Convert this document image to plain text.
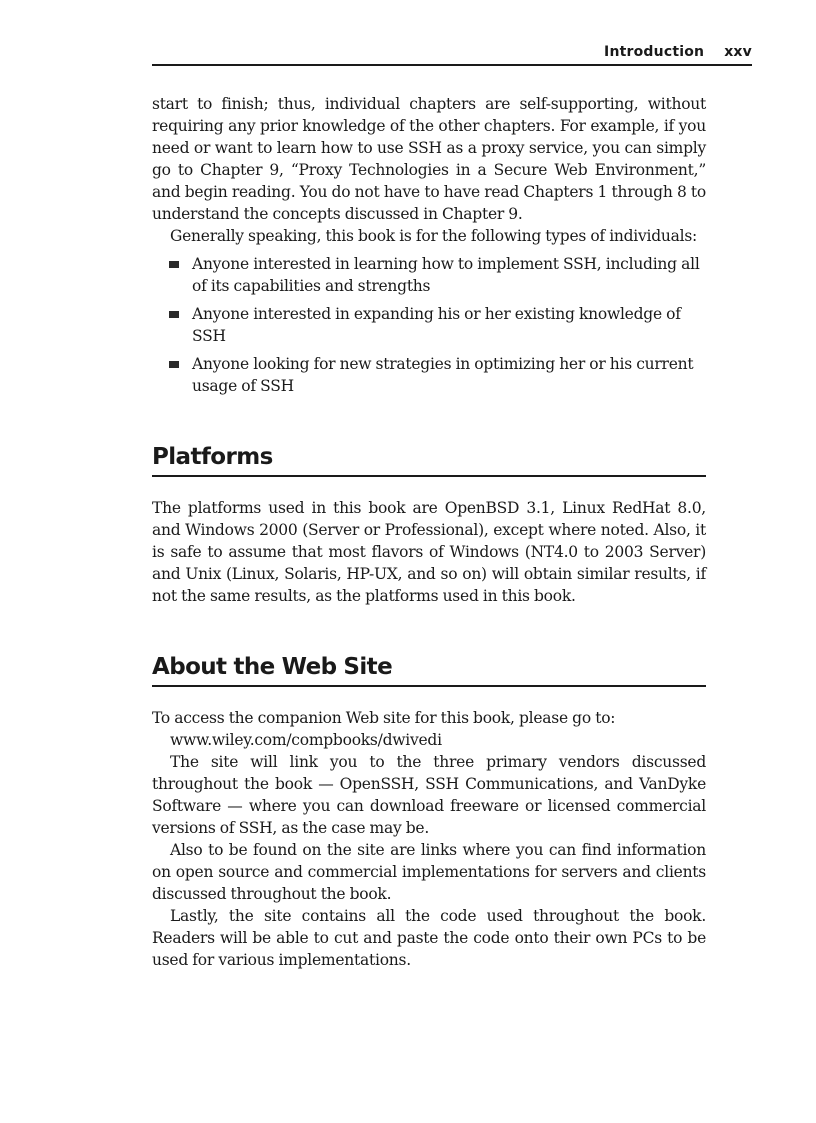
Introduction xxv

start to finish; thus, individual chapters are self-supporting, without requiring any prior knowledge of the other chapters. For example, if you need or want to learn how to use SSH as a proxy service, you can simply go to Chapter 9, “Proxy Technologies in a Secure Web Environment,” and begin reading. You do not have to have read Chapters 1 through 8 to understand the concepts discussed in Chapter 9.

Generally speaking, this book is for the following types of individuals:

Anyone interested in learning how to implement SSH, including all of its capabilities and strengths
Anyone interested in expanding his or her existing knowledge of SSH
Anyone looking for new strategies in optimizing her or his current usage of SSH
Platforms

The platforms used in this book are OpenBSD 3.1, Linux RedHat 8.0, and Windows 2000 (Server or Professional), except where noted. Also, it is safe to assume that most flavors of Windows (NT4.0 to 2003 Server) and Unix (Linux, Solaris, HP-UX, and so on) will obtain similar results, if not the same results, as the platforms used in this book.

About the Web Site

To access the companion Web site for this book, please go to:

www.wiley.com/compbooks/dwivedi

The site will link you to the three primary vendors discussed throughout the book — OpenSSH, SSH Communications, and VanDyke Software — where you can download freeware or licensed commercial versions of SSH, as the case may be.

Also to be found on the site are links where you can find information on open source and commercial implementations for servers and clients discussed throughout the book.

Lastly, the site contains all the code used throughout the book. Readers will be able to cut and paste the code onto their own PCs to be used for various implementations.
